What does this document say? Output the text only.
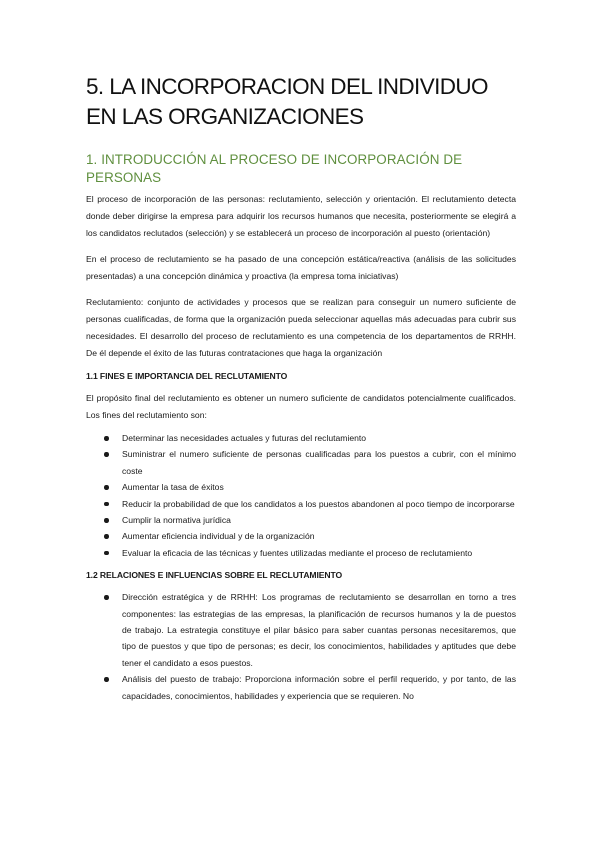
5. LA INCORPORACION DEL INDIVIDUO EN LAS ORGANIZACIONES
1. INTRODUCCIÓN AL PROCESO DE INCORPORACIÓN DE PERSONAS

El proceso de incorporación de las personas: reclutamiento, selección y orientación. El reclutamiento detecta donde deber dirigirse la empresa para adquirir los recursos humanos que necesita, posteriormente se elegirá a los candidatos reclutados (selección) y se establecerá un proceso de incorporación al puesto (orientación)

En el proceso de reclutamiento se ha pasado de una concepción estática/reactiva (análisis de las solicitudes presentadas) a una concepción dinámica y proactiva (la empresa toma iniciativas)

Reclutamiento: conjunto de actividades y procesos que se realizan para conseguir un numero suficiente de personas cualificadas, de forma que la organización pueda seleccionar aquellas más adecuadas para cubrir sus necesidades. El desarrollo del proceso de reclutamiento es una competencia de los departamentos de RRHH. De él depende el éxito de las futuras contrataciones que haga la organización

1.1 FINES E IMPORTANCIA DEL RECLUTAMIENTO

El propósito final del reclutamiento es obtener un numero suficiente de candidatos potencialmente cualificados. Los fines del reclutamiento son:

Determinar las necesidades actuales y futuras del reclutamiento
Suministrar el numero suficiente de personas cualificadas para los puestos a cubrir, con el mínimo coste
Aumentar la tasa de éxitos
Reducir la probabilidad de que los candidatos a los puestos abandonen al poco tiempo de incorporarse
Cumplir la normativa jurídica
Aumentar eficiencia individual y de la organización
Evaluar la eficacia de las técnicas y fuentes utilizadas mediante el proceso de reclutamiento
1.2 RELACIONES E INFLUENCIAS SOBRE EL RECLUTAMIENTO
Dirección estratégica y de RRHH: Los programas de reclutamiento se desarrollan en torno a tres componentes: las estrategias de las empresas, la planificación de recursos humanos y la de puestos de trabajo. La estrategia constituye el pilar básico para saber cuantas personas necesitaremos, que tipo de puestos y que tipo de personas; es decir, los conocimientos, habilidades y aptitudes que debe tener el candidato a esos puestos.
Análisis del puesto de trabajo: Proporciona información sobre el perfil requerido, y por tanto, de las capacidades, conocimientos, habilidades y experiencia que se requieren. No
